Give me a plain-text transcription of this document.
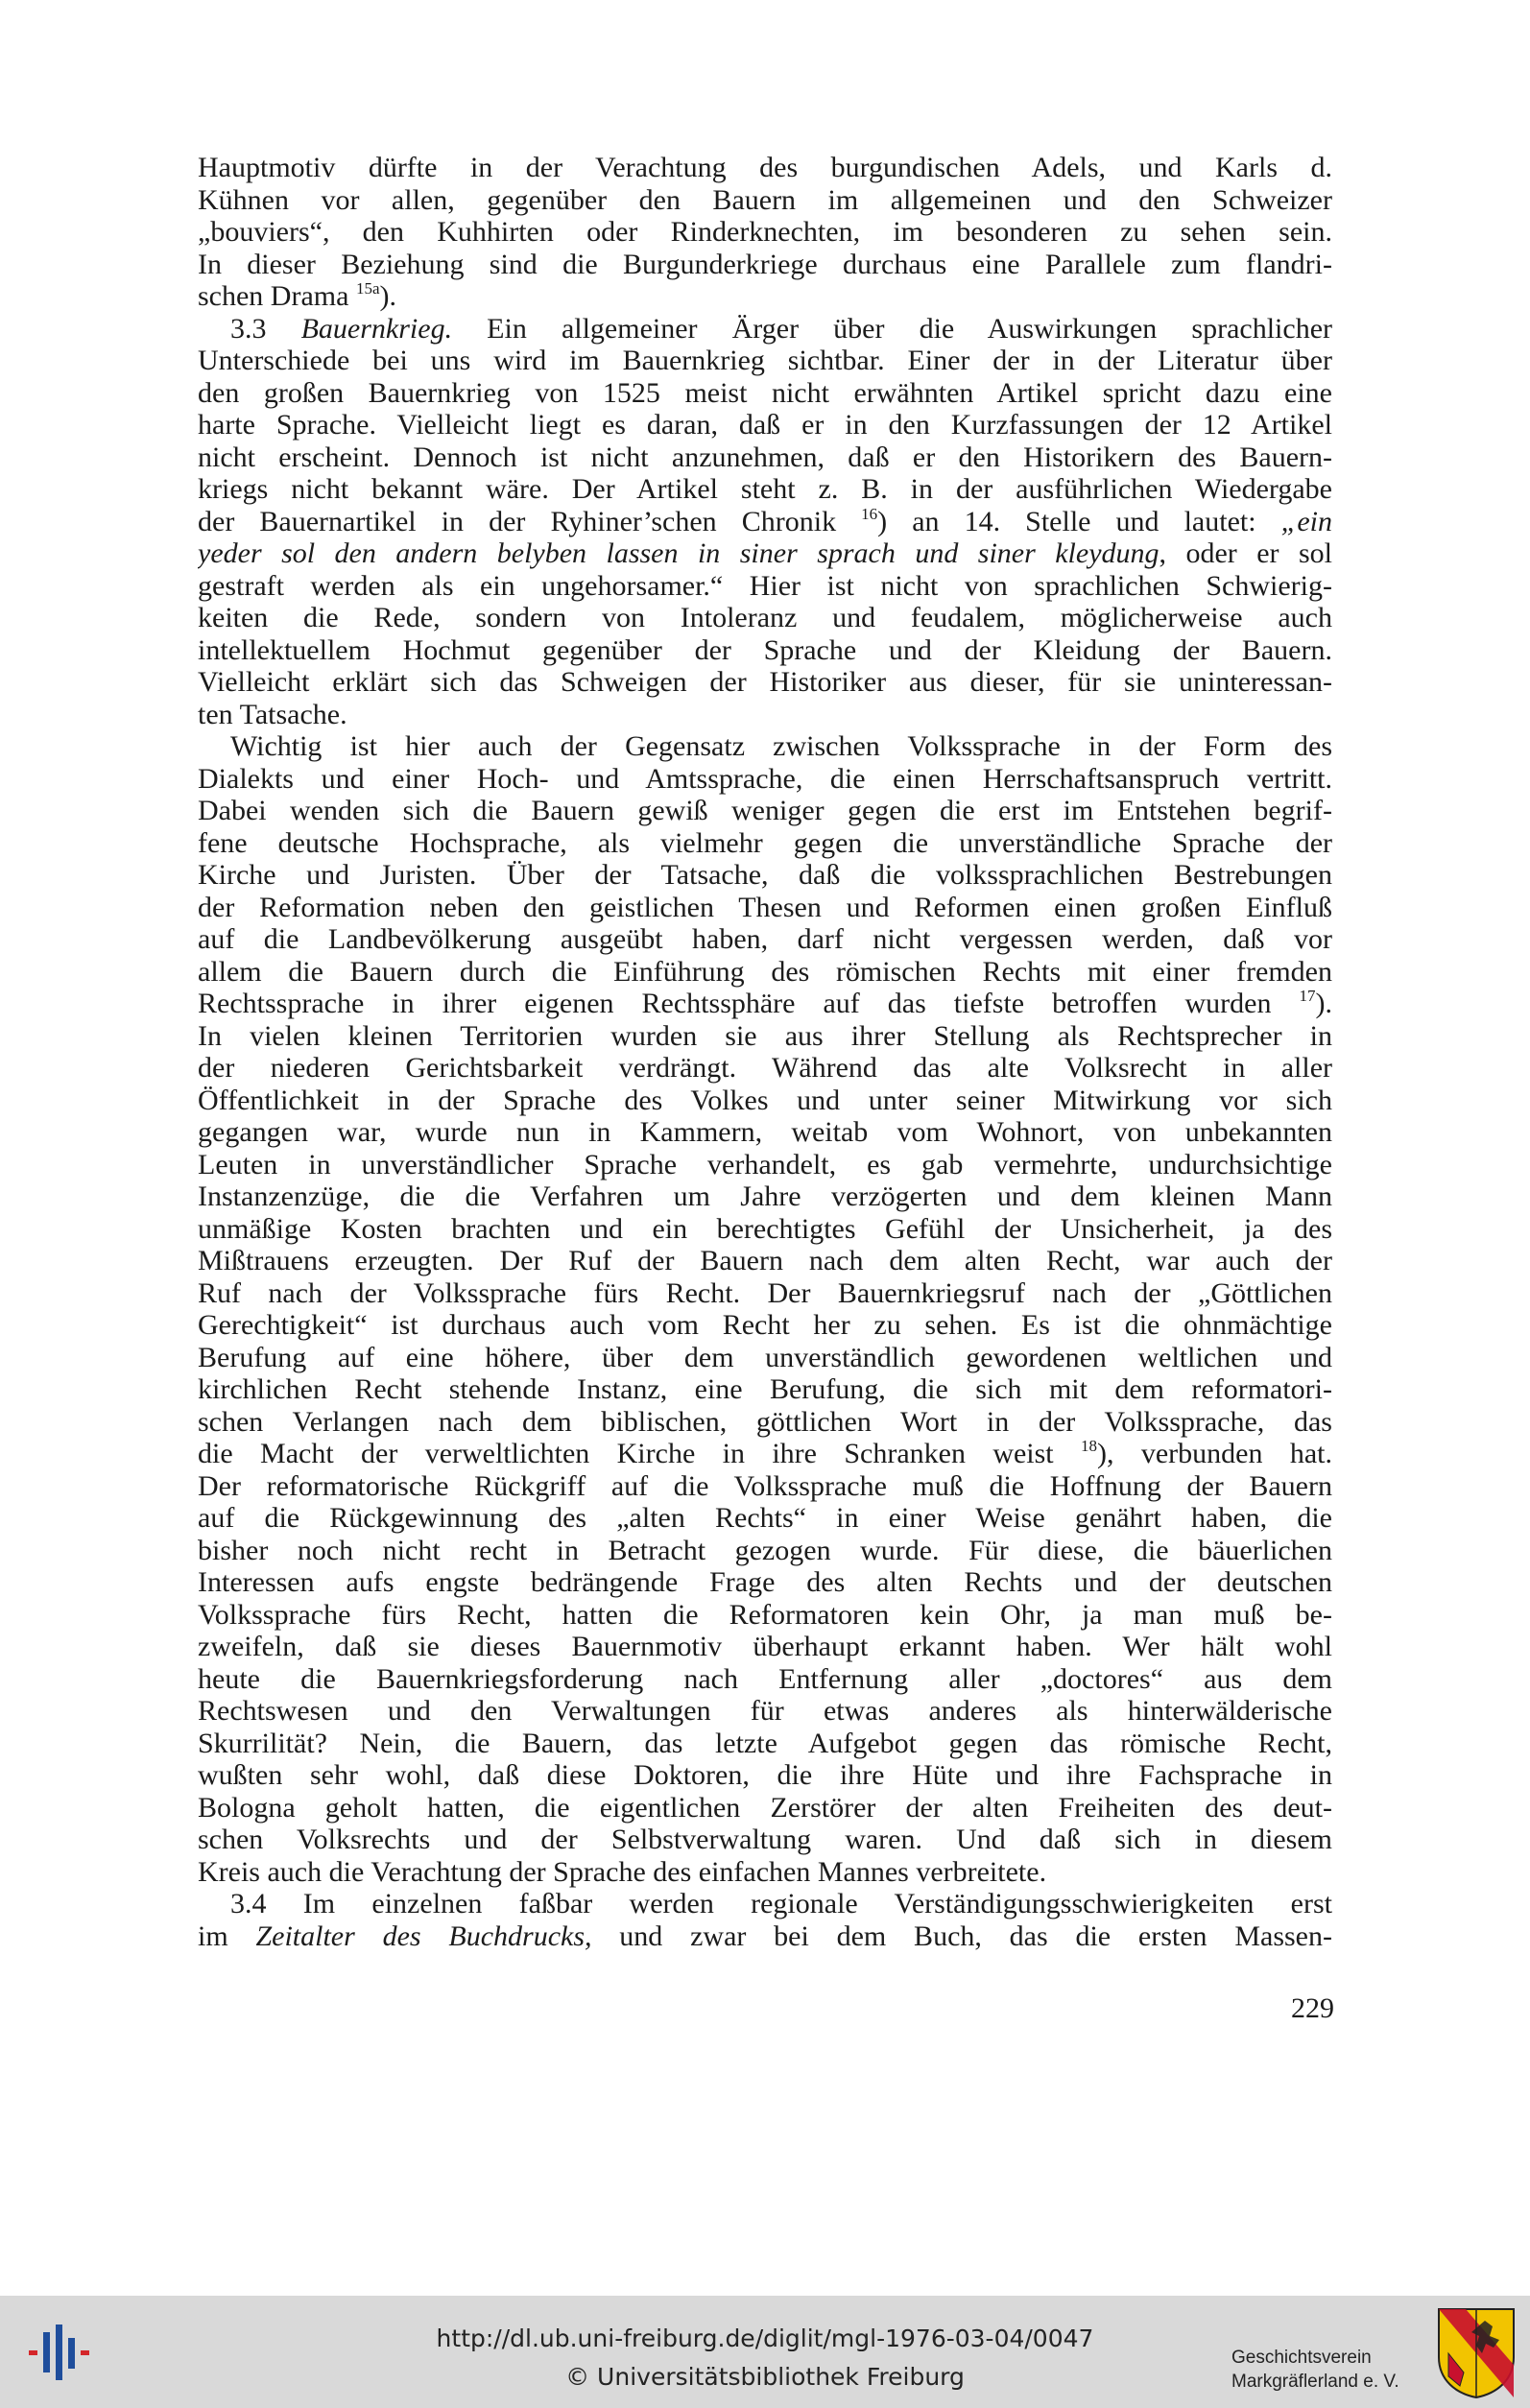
Hauptmotiv dürfte in der Verachtung des burgundischen Adels, und Karls d.
Kühnen vor allen, gegenüber den Bauern im allgemeinen und den Schweizer
„bouviers“, den Kuhhirten oder Rinderknechten, im besonderen zu sehen sein.
In dieser Beziehung sind die Burgunderkriege durchaus eine Parallele zum flandri-
schen Drama $^{15a}$).

3.3 Bauernkrieg. Ein allgemeiner Ärger über die Auswirkungen sprachlicher
Unterschiede bei uns wird im Bauernkrieg sichtbar. Einer der in der Literatur über
den großen Bauernkrieg von 1525 meist nicht erwähnten Artikel spricht dazu eine
harte Sprache. Vielleicht liegt es daran, daß er in den Kurzfassungen der 12 Artikel
nicht erscheint. Dennoch ist nicht anzunehmen, daß er den Historikern des Bauern-
kriegs nicht bekannt wäre. Der Artikel steht z. B. in der ausführlichen Wiedergabe
der Bauernartikel in der Ryhiner’schen Chronik $^{16}$) an 14. Stelle und lautet: „ein
yeder sol den andern belyben lassen in siner sprach und siner kleydung, oder er sol
gestraft werden als ein ungehorsamer.“ Hier ist nicht von sprachlichen Schwierig-
keiten die Rede, sondern von Intoleranz und feudalem, möglicherweise auch
intellektuellem Hochmut gegenüber der Sprache und der Kleidung der Bauern.
Vielleicht erklärt sich das Schweigen der Historiker aus dieser, für sie uninteressan-
ten Tatsache.

Wichtig ist hier auch der Gegensatz zwischen Volkssprache in der Form des
Dialekts und einer Hoch- und Amtssprache, die einen Herrschaftsanspruch vertritt.
Dabei wenden sich die Bauern gewiß weniger gegen die erst im Entstehen begrif-
fene deutsche Hochsprache, als vielmehr gegen die unverständliche Sprache der
Kirche und Juristen. Über der Tatsache, daß die volkssprachlichen Bestrebungen
der Reformation neben den geistlichen Thesen und Reformen einen großen Einfluß
auf die Landbevölkerung ausgeübt haben, darf nicht vergessen werden, daß vor
allem die Bauern durch die Einführung des römischen Rechts mit einer fremden
Rechtssprache in ihrer eigenen Rechtssphäre auf das tiefste betroffen wurden $^{17}$).
In vielen kleinen Territorien wurden sie aus ihrer Stellung als Rechtsprecher in
der niederen Gerichtsbarkeit verdrängt. Während das alte Volksrecht in aller
Öffentlichkeit in der Sprache des Volkes und unter seiner Mitwirkung vor sich
gegangen war, wurde nun in Kammern, weitab vom Wohnort, von unbekannten
Leuten in unverständlicher Sprache verhandelt, es gab vermehrte, undurchsichtige
Instanzenzüge, die die Verfahren um Jahre verzögerten und dem kleinen Mann
unmäßige Kosten brachten und ein berechtigtes Gefühl der Unsicherheit, ja des
Mißtrauens erzeugten. Der Ruf der Bauern nach dem alten Recht, war auch der
Ruf nach der Volkssprache fürs Recht. Der Bauernkriegsruf nach der „Göttlichen
Gerechtigkeit“ ist durchaus auch vom Recht her zu sehen. Es ist die ohnmächtige
Berufung auf eine höhere, über dem unverständlich gewordenen weltlichen und
kirchlichen Recht stehende Instanz, eine Berufung, die sich mit dem reformatori-
schen Verlangen nach dem biblischen, göttlichen Wort in der Volkssprache, das
die Macht der verweltlichten Kirche in ihre Schranken weist $^{18}$), verbunden hat.
Der reformatorische Rückgriff auf die Volkssprache muß die Hoffnung der Bauern
auf die Rückgewinnung des „alten Rechts“ in einer Weise genährt haben, die
bisher noch nicht recht in Betracht gezogen wurde. Für diese, die bäuerlichen
Interessen aufs engste bedrängende Frage des alten Rechts und der deutschen
Volkssprache fürs Recht, hatten die Reformatoren kein Ohr, ja man muß be-
zweifeln, daß sie dieses Bauernmotiv überhaupt erkannt haben. Wer hält wohl
heute die Bauernkriegsforderung nach Entfernung aller „doctores“ aus dem
Rechtswesen und den Verwaltungen für etwas anderes als hinterwälderische
Skurrilität? Nein, die Bauern, das letzte Aufgebot gegen das römische Recht,
wußten sehr wohl, daß diese Doktoren, die ihre Hüte und ihre Fachsprache in
Bologna geholt hatten, die eigentlichen Zerstörer der alten Freiheiten des deut-
schen Volksrechts und der Selbstverwaltung waren. Und daß sich in diesem
Kreis auch die Verachtung der Sprache des einfachen Mannes verbreitete.

3.4 Im einzelnen faßbar werden regionale Verständigungsschwierigkeiten erst
im Zeitalter des Buchdrucks, und zwar bei dem Buch, das die ersten Massen-

229
http://dl.ub.uni-freiburg.de/diglit/mgl-1976-03-04/0047
© Universitätsbibliothek Freiburg
Geschichtsverein
Markgräflerland e. V.
